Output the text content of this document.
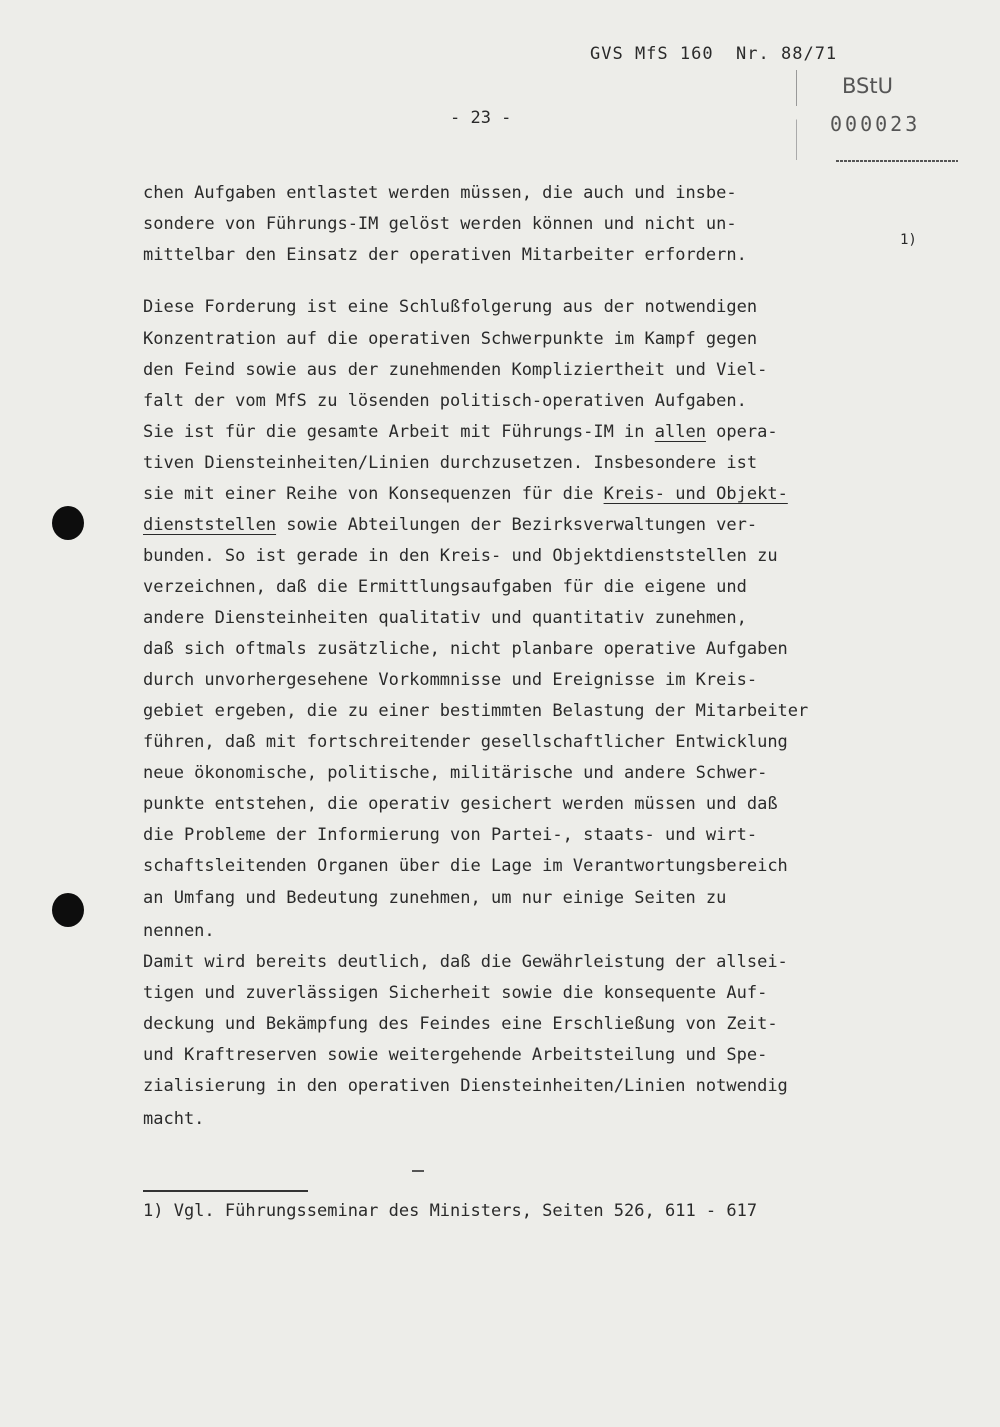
GVS MfS 160  Nr. 88/71
- 23 -
BStU
000023
chen Aufgaben entlastet werden müssen, die auch und insbe-
sondere von Führungs-IM gelöst werden können und nicht un-
mittelbar den Einsatz der operativen Mitarbeiter erfordern.
1)
Diese Forderung ist eine Schlußfolgerung aus der notwendigen
Konzentration auf die operativen Schwerpunkte im Kampf gegen
den Feind sowie aus der zunehmenden Kompliziertheit und Viel-
falt der vom MfS zu lösenden politisch-operativen Aufgaben.
Sie ist für die gesamte Arbeit mit Führungs-IM in allen opera-
tiven Diensteinheiten/Linien durchzusetzen. Insbesondere ist
sie mit einer Reihe von Konsequenzen für die Kreis- und Objekt-
dienststellen sowie Abteilungen der Bezirksverwaltungen ver-
bunden. So ist gerade in den Kreis- und Objektdienststellen zu
verzeichnen, daß die Ermittlungsaufgaben für die eigene und
andere Diensteinheiten qualitativ und quantitativ zunehmen,
daß sich oftmals zusätzliche, nicht planbare operative Aufgaben
durch unvorhergesehene Vorkommnisse und Ereignisse im Kreis-
gebiet ergeben, die zu einer bestimmten Belastung der Mitarbeiter
führen, daß mit fortschreitender gesellschaftlicher Entwicklung
neue ökonomische, politische, militärische und andere Schwer-
punkte entstehen, die operativ gesichert werden müssen und daß
die Probleme der Informierung von Partei-, staats- und wirt-
schaftsleitenden Organen über die Lage im Verantwortungsbereich
an Umfang und Bedeutung zunehmen, um nur einige Seiten zu
nennen.
Damit wird bereits deutlich, daß die Gewährleistung der allsei-
tigen und zuverlässigen Sicherheit sowie die konsequente Auf-
deckung und Bekämpfung des Feindes eine Erschließung von Zeit-
und Kraftreserven sowie weitergehende Arbeitsteilung und Spe-
zialisierung in den operativen Diensteinheiten/Linien notwendig
macht.
1) Vgl. Führungsseminar des Ministers, Seiten 526, 611 - 617
